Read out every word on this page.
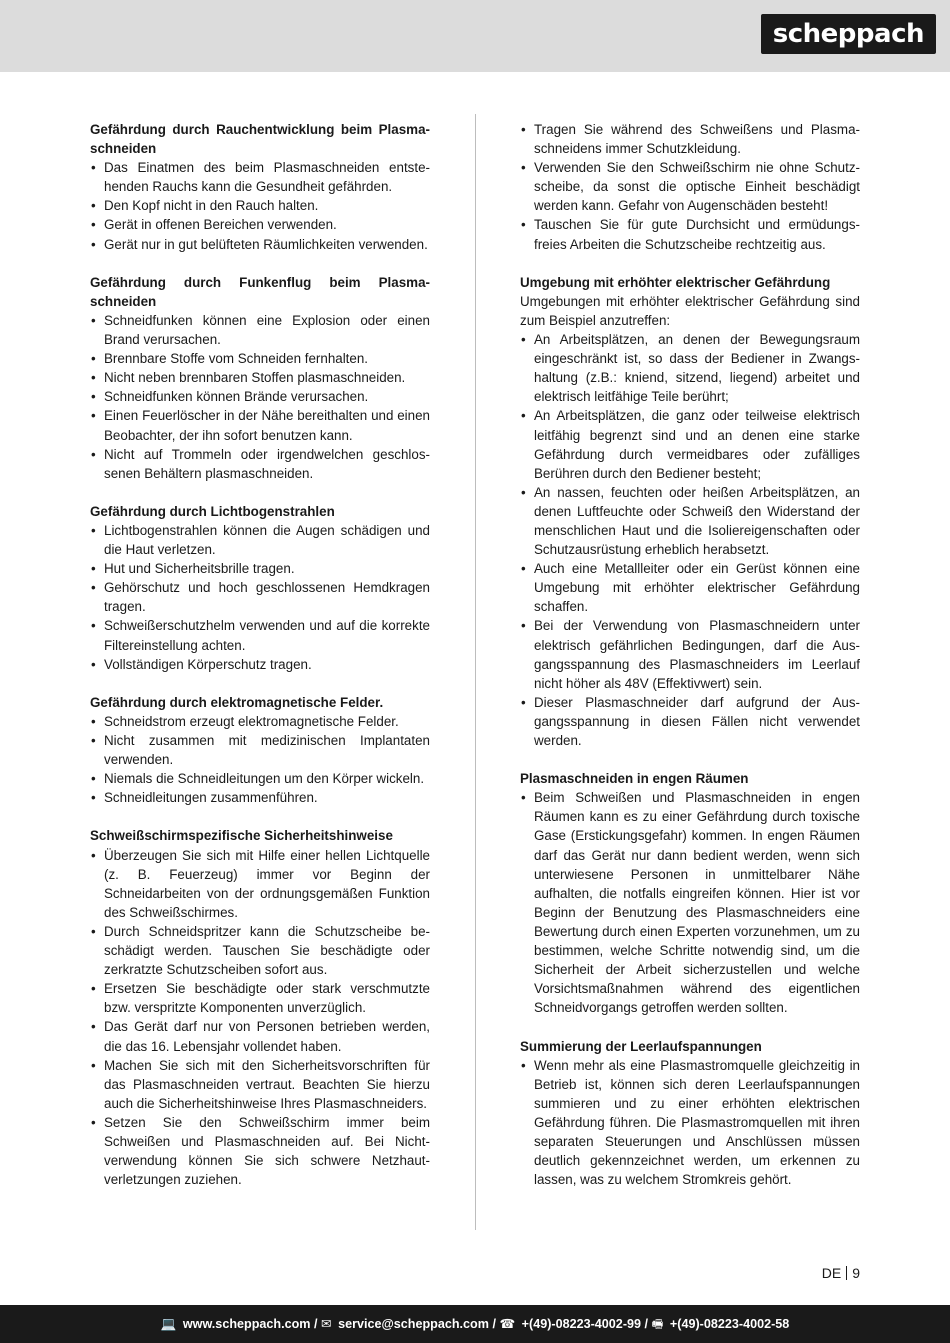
scheppach

Gefährdung durch Rauchentwicklung beim Plasmaschneiden

• Das Einatmen des beim Plasmaschneiden entstehenden Rauchs kann die Gesundheit gefährden.
• Den Kopf nicht in den Rauch halten.
• Gerät in offenen Bereichen verwenden.
• Gerät nur in gut belüfteten Räumlichkeiten verwenden.

Gefährdung durch Funkenflug beim Plasmaschneiden

• Schneidfunken können eine Explosion oder einen Brand verursachen.
• Brennbare Stoffe vom Schneiden fernhalten.
• Nicht neben brennbaren Stoffen plasmaschneiden.
• Schneidfunken können Brände verursachen.
• Einen Feuerlöscher in der Nähe bereithalten und einen Beobachter, der ihn sofort benutzen kann.
• Nicht auf Trommeln oder irgendwelchen geschlossenen Behältern plasmaschneiden.

Gefährdung durch Lichtbogenstrahlen

• Lichtbogenstrahlen können die Augen schädigen und die Haut verletzen.
• Hut und Sicherheitsbrille tragen.
• Gehörschutz und hoch geschlossenen Hemdkragen tragen.
• Schweißerschutzhelm verwenden und auf die korrekte Filtereinstellung achten.
• Vollständigen Körperschutz tragen.

Gefährdung durch elektromagnetische Felder.

• Schneidstrom erzeugt elektromagnetische Felder.
• Nicht zusammen mit medizinischen Implantaten verwenden.
• Niemals die Schneidleitungen um den Körper wickeln.
• Schneidleitungen zusammenführen.

Schweißschirmspezifische Sicherheitshinweise

• Überzeugen Sie sich mit Hilfe einer hellen Lichtquelle (z. B. Feuerzeug) immer vor Beginn der Schneidarbeiten von der ordnungsgemäßen Funktion des Schweißschirmes.
• Durch Schneidspritzer kann die Schutzscheibe beschädigt werden. Tauschen Sie beschädigte oder zerkratzte Schutzscheiben sofort aus.
• Ersetzen Sie beschädigte oder stark verschmutzte bzw. verspritzte Komponenten unverzüglich.
• Das Gerät darf nur von Personen betrieben werden, die das 16. Lebensjahr vollendet haben.
• Machen Sie sich mit den Sicherheitsvorschriften für das Plasmaschneiden vertraut. Beachten Sie hierzu auch die Sicherheitshinweise Ihres Plasmaschneiders.
• Setzen Sie den Schweißschirm immer beim Schweißen und Plasmaschneiden auf. Bei Nichtverwendung können Sie sich schwere Netzhautverletzungen zuziehen.
• Tragen Sie während des Schweißens und Plasmaschneidens immer Schutzkleidung.
• Verwenden Sie den Schweißschirm nie ohne Schutzscheibe, da sonst die optische Einheit beschädigt werden kann. Gefahr von Augenschäden besteht!
• Tauschen Sie für gute Durchsicht und ermüdungsfreies Arbeiten die Schutzscheibe rechtzeitig aus.

Umgebung mit erhöhter elektrischer Gefährdung

Umgebungen mit erhöhter elektrischer Gefährdung sind zum Beispiel anzutreffen:

• An Arbeitsplätzen, an denen der Bewegungsraum eingeschränkt ist, so dass der Bediener in Zwangshaltung (z.B.: kniend, sitzend, liegend) arbeitet und elektrisch leitfähige Teile berührt;
• An Arbeitsplätzen, die ganz oder teilweise elektrisch leitfähig begrenzt sind und an denen eine starke Gefährdung durch vermeidbares oder zufälliges Berühren durch den Bediener besteht;
• An nassen, feuchten oder heißen Arbeitsplätzen, an denen Luftfeuchte oder Schweiß den Widerstand der menschlichen Haut und die Isoliereigenschaften oder Schutzausrüstung erheblich herabsetzt.
• Auch eine Metallleiter oder ein Gerüst können eine Umgebung mit erhöhter elektrischer Gefährdung schaffen.
• Bei der Verwendung von Plasmaschneidern unter elektrisch gefährlichen Bedingungen, darf die Ausgangsspannung des Plasmaschneiders im Leerlauf nicht höher als 48V (Effektivwert) sein.
• Dieser Plasmaschneider darf aufgrund der Ausgangsspannung in diesen Fällen nicht verwendet werden.

Plasmaschneiden in engen Räumen

• Beim Schweißen und Plasmaschneiden in engen Räumen kann es zu einer Gefährdung durch toxische Gase (Erstickungsgefahr) kommen. In engen Räumen darf das Gerät nur dann bedient werden, wenn sich unterwiesene Personen in unmittelbarer Nähe aufhalten, die notfalls eingreifen können. Hier ist vor Beginn der Benutzung des Plasmaschneiders eine Bewertung durch einen Experten vorzunehmen, um zu bestimmen, welche Schritte notwendig sind, um die Sicherheit der Arbeit sicherzustellen und welche Vorsichtsmaßnahmen während des eigentlichen Schneidvorgangs getroffen werden sollten.

Summierung der Leerlaufspannungen

• Wenn mehr als eine Plasmastromquelle gleichzeitig in Betrieb ist, können sich deren Leerlaufspannungen summieren und zu einer erhöhten elektrischen Gefährdung führen. Die Plasmastromquellen mit ihren separaten Steuerungen und Anschlüssen müssen deutlich gekennzeichnet werden, um erkennen zu lassen, was zu welchem Stromkreis gehört.
DE 9
💻 www.scheppach.com / ✉ service@scheppach.com / ☎ +(49)-08223-4002-99 / 🖷 +(49)-08223-4002-58
